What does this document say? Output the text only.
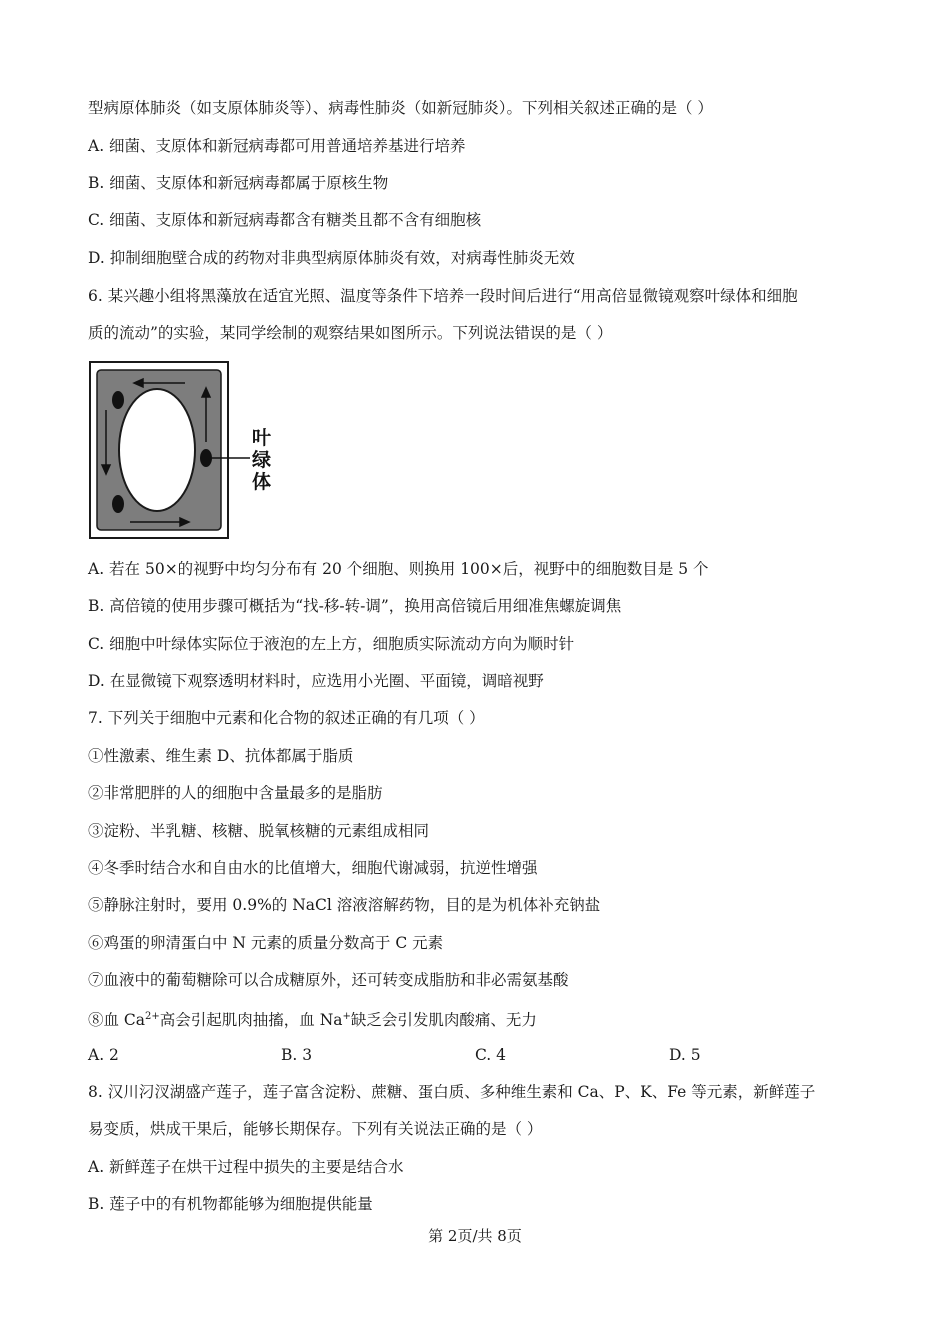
型病原体肺炎（如支原体肺炎等）、病毒性肺炎（如新冠肺炎）。下列相关叙述正确的是（ ）
A. 细菌、支原体和新冠病毒都可用普通培养基进行培养
B. 细菌、支原体和新冠病毒都属于原核生物
C. 细菌、支原体和新冠病毒都含有糖类且都不含有细胞核
D. 抑制细胞壁合成的药物对非典型病原体肺炎有效，对病毒性肺炎无效
6. 某兴趣小组将黑藻放在适宜光照、温度等条件下培养一段时间后进行“用高倍显微镜观察叶绿体和细胞
质的流动”的实验，某同学绘制的观察结果如图所示。下列说法错误的是（ ）
叶
绿
体
A. 若在 50×的视野中均匀分布有 20 个细胞、则换用 100×后，视野中的细胞数目是 5 个
B. 高倍镜的使用步骤可概括为“找-移-转-调”，换用高倍镜后用细准焦螺旋调焦
C. 细胞中叶绿体实际位于液泡的左上方，细胞质实际流动方向为顺时针
D. 在显微镜下观察透明材料时，应选用小光圈、平面镜，调暗视野
7. 下列关于细胞中元素和化合物的叙述正确的有几项（ ）
①性激素、维生素 D、抗体都属于脂质
②非常肥胖的人的细胞中含量最多的是脂肪
③淀粉、半乳糖、核糖、脱氧核糖的元素组成相同
④冬季时结合水和自由水的比值增大，细胞代谢减弱，抗逆性增强
⑤静脉注射时，要用 0.9%的 NaCl 溶液溶解药物，目的是为机体补充钠盐
⑥鸡蛋的卵清蛋白中 N 元素的质量分数高于 C 元素
⑦血液中的葡萄糖除可以合成糖原外，还可转变成脂肪和非必需氨基酸
⑧血 $Ca^{2+}$高会引起肌肉抽搐，血 Na+缺乏会引发肌肉酸痛、无力
A. 2	B. 3	C. 4	D. 5
8. 汉川汈汊湖盛产莲子，莲子富含淀粉、蔗糖、蛋白质、多种维生素和 Ca、P、K、Fe 等元素，新鲜莲子
易变质，烘成干果后，能够长期保存。下列有关说法正确的是（ ）
A. 新鲜莲子在烘干过程中损失的主要是结合水
B. 莲子中的有机物都能够为细胞提供能量
第 2页/共 8页
